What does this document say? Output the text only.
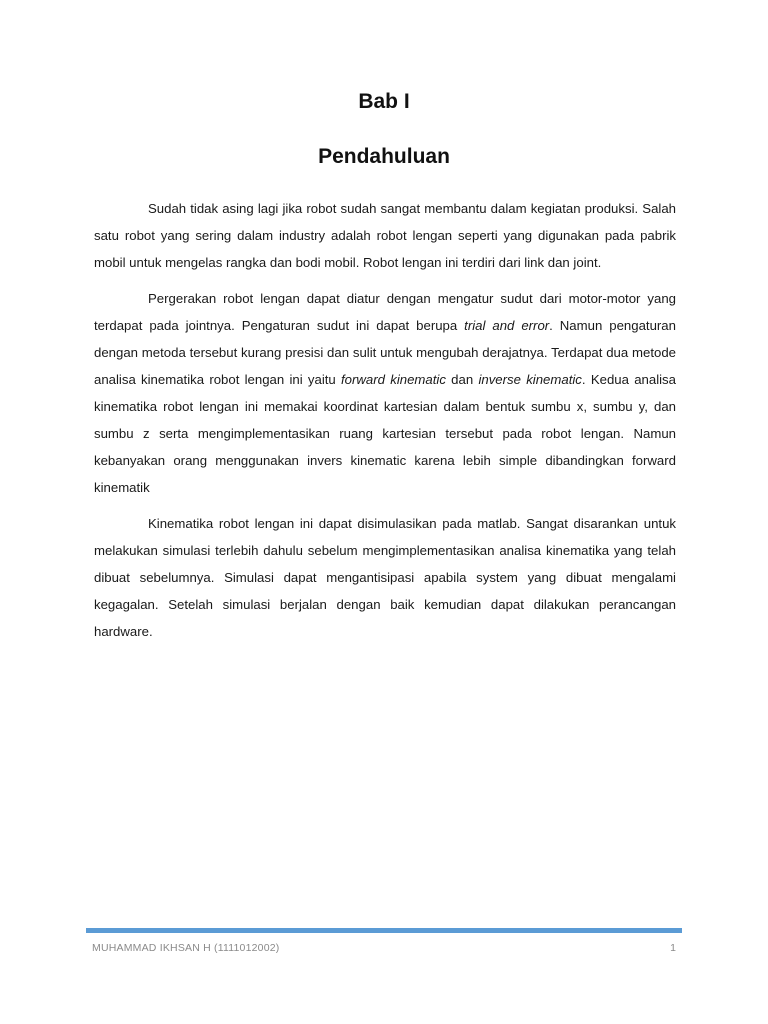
Bab I
Pendahuluan

Sudah tidak asing lagi jika robot sudah sangat membantu dalam kegiatan produksi. Salah satu robot yang sering dalam industry adalah robot lengan seperti yang digunakan pada pabrik mobil untuk mengelas rangka dan bodi mobil. Robot lengan ini terdiri dari link dan joint.

Pergerakan robot lengan dapat diatur dengan mengatur sudut dari motor-motor yang terdapat pada jointnya. Pengaturan sudut ini dapat berupa trial and error. Namun pengaturan dengan metoda tersebut kurang presisi dan sulit untuk mengubah derajatnya. Terdapat dua metode analisa kinematika robot lengan ini yaitu forward kinematic dan inverse kinematic. Kedua analisa kinematika robot lengan ini memakai koordinat kartesian dalam bentuk sumbu x, sumbu y, dan sumbu z serta mengimplementasikan ruang kartesian tersebut pada robot lengan. Namun kebanyakan orang menggunakan invers kinematic karena lebih simple dibandingkan forward kinematik

Kinematika robot lengan ini dapat disimulasikan pada matlab. Sangat disarankan untuk melakukan simulasi terlebih dahulu sebelum mengimplementasikan analisa kinematika yang telah dibuat sebelumnya. Simulasi dapat mengantisipasi apabila system yang dibuat mengalami kegagalan. Setelah simulasi berjalan dengan baik kemudian dapat dilakukan perancangan hardware.

MUHAMMAD IKHSAN H (1111012002)	1
